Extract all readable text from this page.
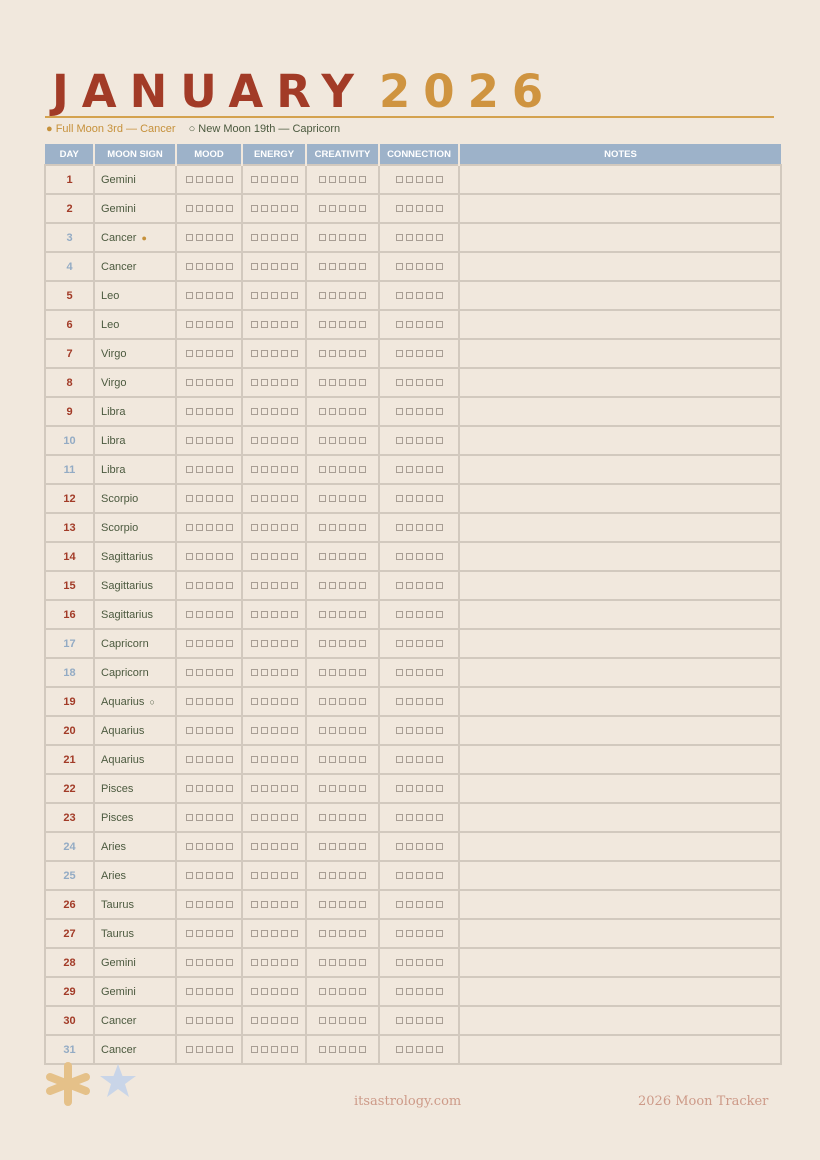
JANUARY 2026
● Full Moon 3rd — Cancer ○ New Moon 19th — Capricorn
DAY	MOON SIGN	MOOD	ENERGY	CREATIVITY	CONNECTION	NOTES
1	Gemini					
2	Gemini					
3	Cancer ●					
4	Cancer					
5	Leo					
6	Leo					
7	Virgo					
8	Virgo					
9	Libra					
10	Libra					
11	Libra					
12	Scorpio					
13	Scorpio					
14	Sagittarius					
15	Sagittarius					
16	Sagittarius					
17	Capricorn					
18	Capricorn					
19	Aquarius ○					
20	Aquarius					
21	Aquarius					
22	Pisces					
23	Pisces					
24	Aries					
25	Aries					
26	Taurus					
27	Taurus					
28	Gemini					
29	Gemini					
30	Cancer					
31	Cancer					
itsastrology.com	2026 Moon Tracker
